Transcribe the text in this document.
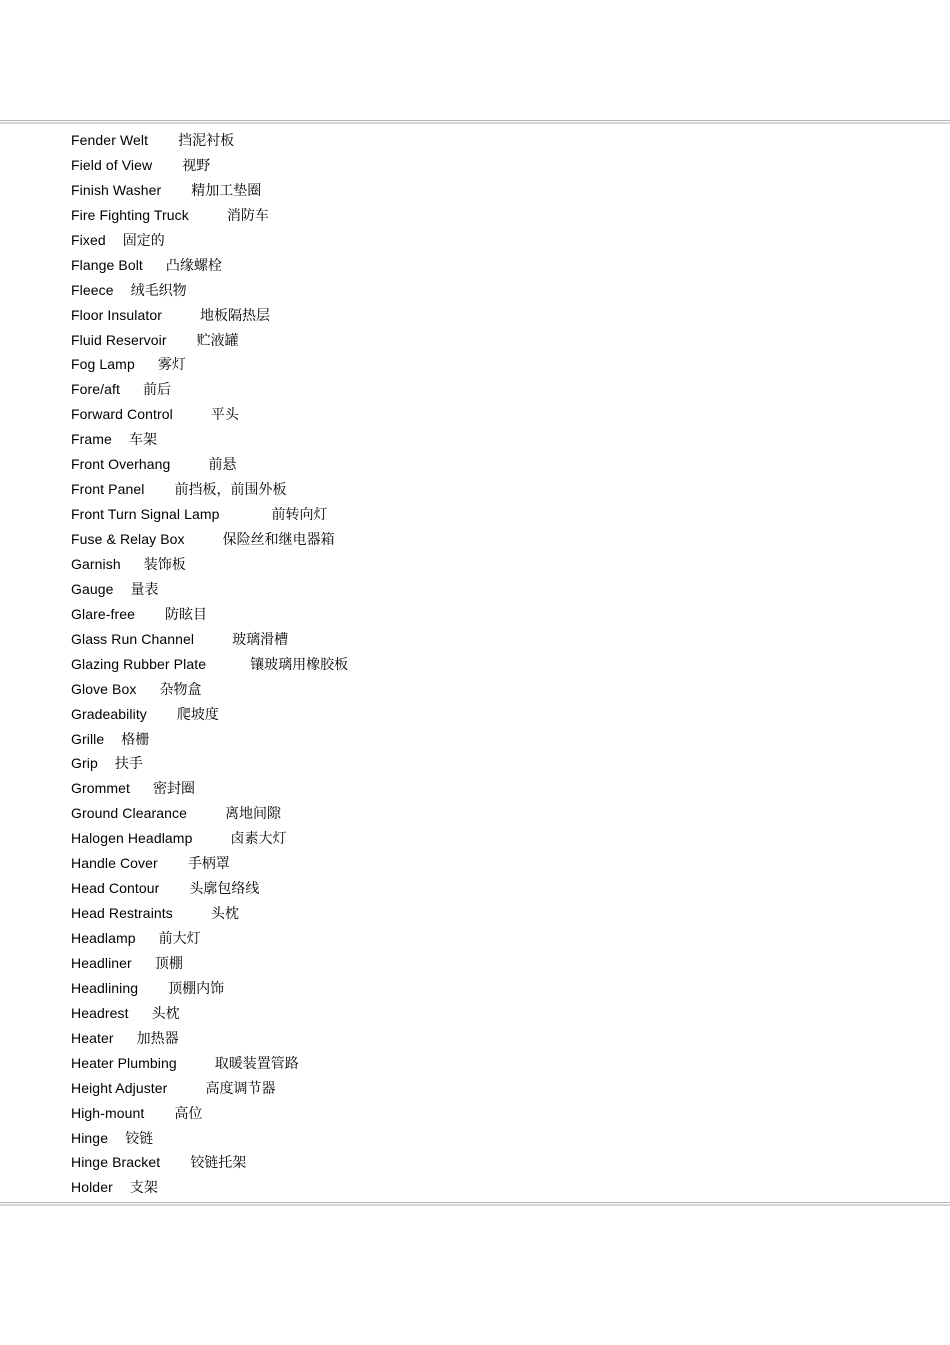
Fender Welt 挡泥衬板
Field of View 视野
Finish Washer 精加工垫圈
Fire Fighting Truck	消防车
Fixed 固定的
Flange Bolt 凸缘螺栓
Fleece 绒毛织物
Floor Insulator	地板隔热层
Fluid Reservoir 贮液罐
Fog Lamp 雾灯
Fore/aft 前后
Forward Control	平头
Frame 车架
Front Overhang	前悬
Front Panel 前挡板，前围外板
Front Turn Signal Lamp	前转向灯
Fuse & Relay Box	保险丝和继电器箱
Garnish 装饰板
Gauge 量表
Glare-free 防眩目
Glass Run Channel	玻璃滑槽
Glazing Rubber Plate	镶玻璃用橡胶板
Glove Box 杂物盒
Gradeability 爬坡度
Grille 格栅
Grip 扶手
Grommet 密封圈
Ground Clearance	离地间隙
Halogen Headlamp	卤素大灯
Handle Cover 手柄罩
Head Contour 头廓包络线
Head Restraints	头枕
Headlamp 前大灯
Headliner 顶棚
Headlining 顶棚内饰
Headrest 头枕
Heater 加热器
Heater Plumbing	取暖装置管路
Height Adjuster	高度调节器
High-mount 高位
Hinge 铰链
Hinge Bracket 铰链托架
Holder 支架
